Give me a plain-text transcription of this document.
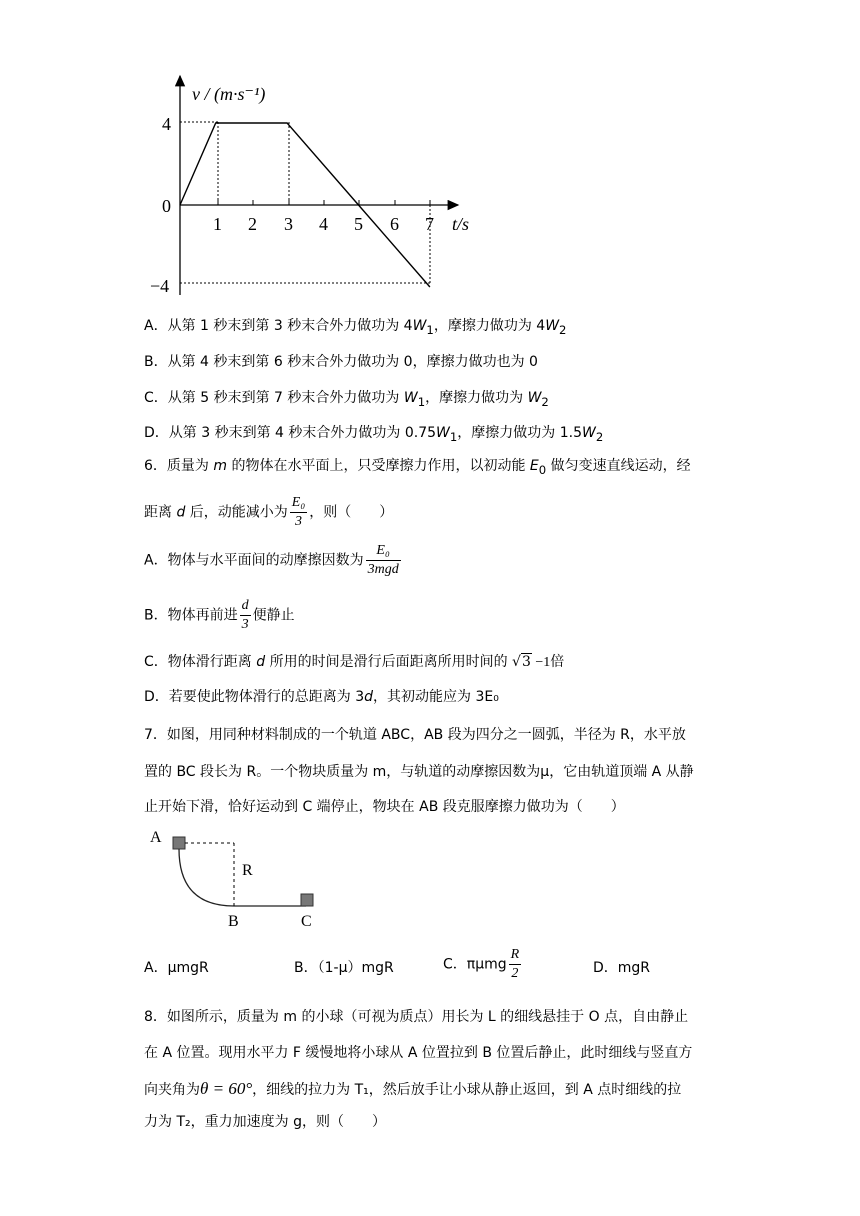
v / (m·s⁻¹)
t/s
4
0
−4
1 2 3 4 5 6 7
A．从第 1 秒末到第 3 秒末合外力做功为 $4W_1$，摩擦力做功为 $4W_2$
B．从第 4 秒末到第 6 秒末合外力做功为 0，摩擦力做功也为 0
C．从第 5 秒末到第 7 秒末合外力做功为 $W_1$，摩擦力做功为 $W_2$
D．从第 3 秒末到第 4 秒末合外力做功为 $0.75W_1$，摩擦力做功为 $1.5W_2$
6．质量为 m 的物体在水平面上，只受摩擦力作用，以初动能 $E_0$ 做匀变速直线运动，经
距离 d 后，动能减小为 $\frac{\text{E₀}}{3}$ ，则（　　）
A．物体与水平面间的动摩擦因数为 $\frac{\text{E₀}}{\text{3mgd}}$
B．物体再前进 $\frac{d}{3}$ 便静止
C．物体滑行距离 d 所用的时间是滑行后面距离所用时间的 √3 −1倍
D．若要使此物体滑行的总距离为 3d，其初动能应为 3E₀
7．如图，用同种材料制成的一个轨道 ABC，AB 段为四分之一圆弧，半径为 R，水平放
置的 BC 段长为 R。一个物块质量为 m，与轨道的动摩擦因数为μ，它由轨道顶端 A 从静
止开始下滑，恰好运动到 C 端停止，物块在 AB 段克服摩擦力做功为（　　）
A
R
B	C
A．μmgR	B．（1-μ）mgR	C．πμmg $\frac{R}{2}$	D．mgR
8．如图所示，质量为 m 的小球（可视为质点）用长为 L 的细线悬挂于 O 点，自由静止
在 A 位置。现用水平力 F 缓慢地将小球从 A 位置拉到 B 位置后静止，此时细线与竖直方
向夹角为θ = 60°，细线的拉力为 T₁，然后放手让小球从静止返回，到 A 点时细线的拉
力为 T₂，重力加速度为 g，则（　　）
